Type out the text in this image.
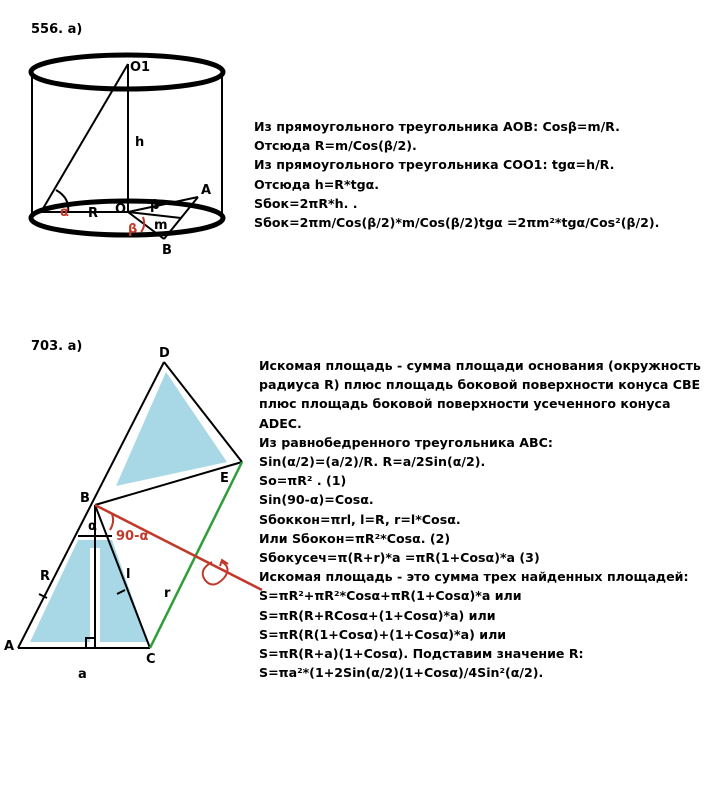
556. а)
703. а)
O1
h
R O
A
B
α	β
β m
D
E
B
α
90-α
R	l
r
A
C
a
Из прямоугольного треугольника АОВ: Cosβ=m/R.
Отсюда R=m/Cos(β/2).
Из прямоугольного треугольника СОО1: tgα=h/R.
Отсюда h=R*tgα.
Sбок=2πR*h. .
Sбок=2πm/Cos(β/2)*m/Cos(β/2)tgα =2πm²*tgα/Cos²(β/2).
Искомая площадь - сумма площади основания (окружность радиуса R) плюс площадь боковой поверхности конуса CBE плюс площадь боковой поверхности усеченного конуса ADEC.
Из равнобедренного треугольника АВС:
Sin(α/2)=(a/2)/R. R=a/2Sin(α/2).
So=πR² . (1)
Sin(90-α)=Cosα.
Sбоккон=πrl, l=R, r=l*Cosα.
Или Sбокон=πR²*Cosα. (2)
Sбокусеч=π(R+r)*a =πR(1+Cosα)*a (3)
Искомая площадь - это сумма трех найденных площадей:
S=πR²+πR²*Cosα+πR(1+Cosα)*a или
S=πR(R+RCosα+(1+Cosα)*a) или
S=πR(R(1+Cosα)+(1+Cosα)*a) или
S=πR(R+a)(1+Cosα). Подставим значение R:
S=πa²*(1+2Sin(α/2)(1+Cosα)/4Sin²(α/2).
